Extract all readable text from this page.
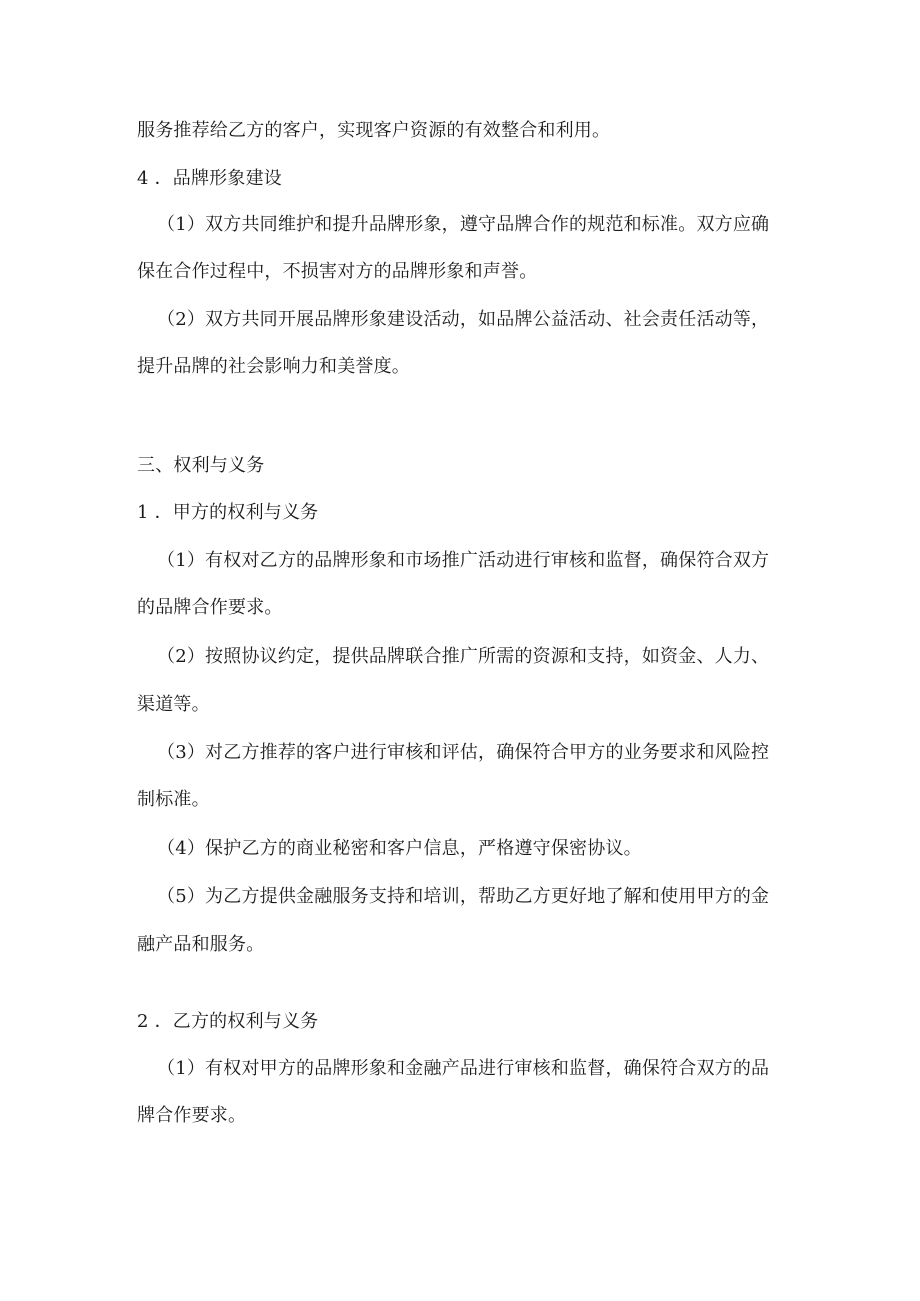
服务推荐给乙方的客户，实现客户资源的有效整合和利用。
4 ．品牌形象建设
（1）双方共同维护和提升品牌形象，遵守品牌合作的规范和标准。双方应确
保在合作过程中，不损害对方的品牌形象和声誉。
（2）双方共同开展品牌形象建设活动，如品牌公益活动、社会责任活动等，
提升品牌的社会影响力和美誉度。
三、权利与义务
1 ．甲方的权利与义务
（1）有权对乙方的品牌形象和市场推广活动进行审核和监督，确保符合双方
的品牌合作要求。
（2）按照协议约定，提供品牌联合推广所需的资源和支持，如资金、人力、
渠道等。
（3）对乙方推荐的客户进行审核和评估，确保符合甲方的业务要求和风险控
制标准。
（4）保护乙方的商业秘密和客户信息，严格遵守保密协议。
（5）为乙方提供金融服务支持和培训，帮助乙方更好地了解和使用甲方的金
融产品和服务。
2 ．乙方的权利与义务
（1）有权对甲方的品牌形象和金融产品进行审核和监督，确保符合双方的品
牌合作要求。
